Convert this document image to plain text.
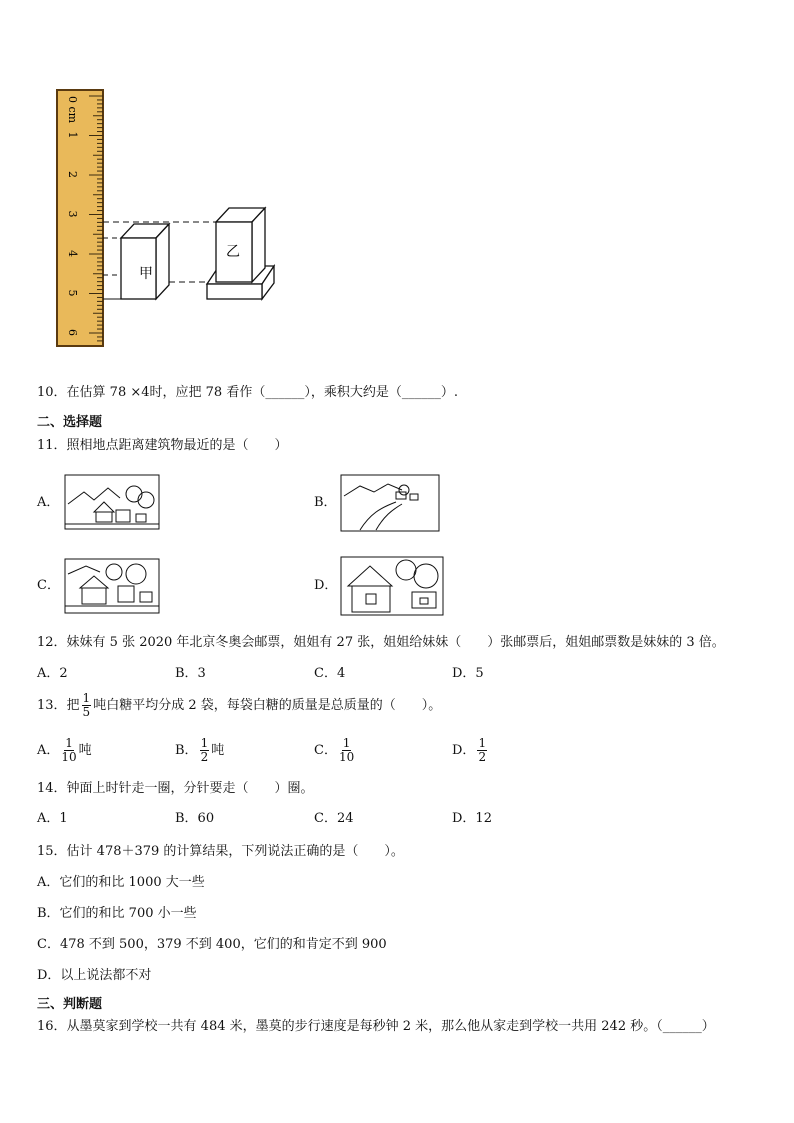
甲
乙
0 cm
1
2
3
4
5
6
10．在估算 78 ×4时，应把 78 看作（______），乘积大约是（______）.
二、选择题
11．照相地点距离建筑物最近的是（　　）
A．	B．
C．	D．
12．妹妹有 5 张 2020 年北京冬奥会邮票，姐姐有 27 张，姐姐给妹妹（　　）张邮票后，姐姐邮票数是妹妹的 3 倍。
A．2	B．3	C．4	D．5
13．把 $\frac{1}{5}$ 吨白糖平均分成 2 袋，每袋白糖的质量是总质量的（　　）。
A． $\frac{1}{10}$ 吨	B． $\frac{1}{2}$ 吨	C． $\frac{1}{10}$	D． $\frac{1}{2}$
14．钟面上时针走一圈，分针要走（　　）圈。
A．1	B．60	C．24	D．12
15．估计 478＋379 的计算结果，下列说法正确的是（　　）。
A．它们的和比 1000 大一些
B．它们的和比 700 小一些
C．478 不到 500，379 不到 400，它们的和肯定不到 900
D．以上说法都不对
三、判断题
16．从墨莫家到学校一共有 484 米，墨莫的步行速度是每秒钟 2 米，那么他从家走到学校一共用 242 秒。（______）
